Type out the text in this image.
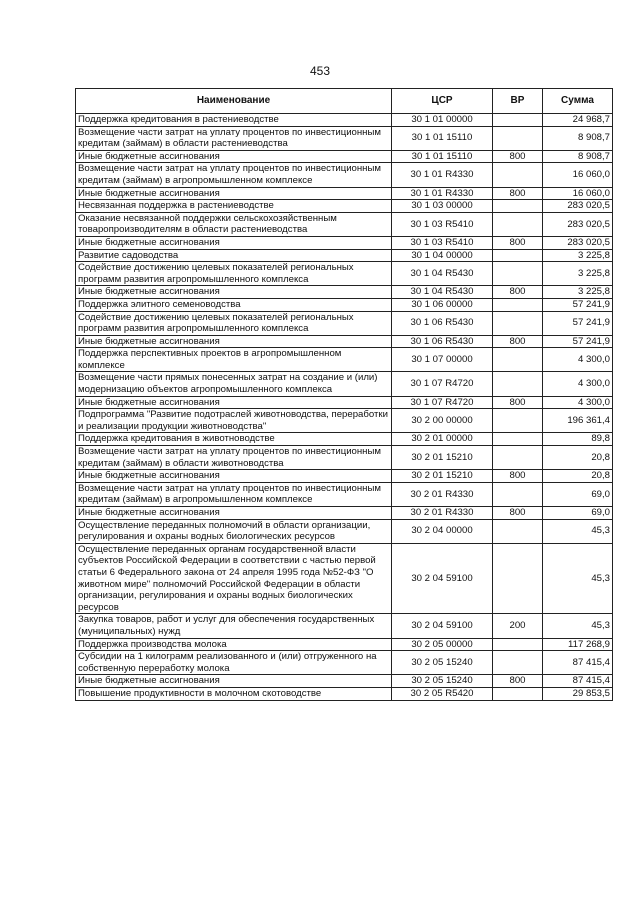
453
Наименование	ЦСР	ВР	Сумма
Поддержка кредитования в растениеводстве	30 1 01 00000		24 968,7
Возмещение части затрат на уплату процентов по инвестиционным кредитам (займам) в области растениеводства	30 1 01 15110		8 908,7
Иные бюджетные ассигнования	30 1 01 15110	800	8 908,7
Возмещение части затрат на уплату процентов по инвестиционным кредитам (займам) в агропромышленном комплексе	30 1 01 R4330		16 060,0
Иные бюджетные ассигнования	30 1 01 R4330	800	16 060,0
Несвязанная поддержка в растениеводстве	30 1 03 00000		283 020,5
Оказание несвязанной поддержки сельскохозяйственным товаропроизводителям в области растениеводства	30 1 03 R5410		283 020,5
Иные бюджетные ассигнования	30 1 03 R5410	800	283 020,5
Развитие садоводства	30 1 04 00000		3 225,8
Содействие достижению целевых показателей региональных программ развития агропромышленного комплекса	30 1 04 R5430		3 225,8
Иные бюджетные ассигнования	30 1 04 R5430	800	3 225,8
Поддержка элитного семеноводства	30 1 06 00000		57 241,9
Содействие достижению целевых показателей региональных программ развития агропромышленного комплекса	30 1 06 R5430		57 241,9
Иные бюджетные ассигнования	30 1 06 R5430	800	57 241,9
Поддержка перспективных проектов в агропромышленном комплексе	30 1 07 00000		4 300,0
Возмещение части прямых понесенных затрат на создание и (или) модернизацию объектов агропромышленного комплекса	30 1 07 R4720		4 300,0
Иные бюджетные ассигнования	30 1 07 R4720	800	4 300,0
Подпрограмма "Развитие подотраслей животноводства, переработки и реализации продукции животноводства"	30 2 00 00000		196 361,4
Поддержка кредитования в животноводстве	30 2 01 00000		89,8
Возмещение части затрат на уплату процентов по инвестиционным кредитам (займам) в области животноводства	30 2 01 15210		20,8
Иные бюджетные ассигнования	30 2 01 15210	800	20,8
Возмещение части затрат на уплату процентов по инвестиционным кредитам (займам) в агропромышленном комплексе	30 2 01 R4330		69,0
Иные бюджетные ассигнования	30 2 01 R4330	800	69,0
Осуществление переданных полномочий в области организации, регулирования и охраны водных биологических ресурсов	30 2 04 00000		45,3
Осуществление переданных органам государственной власти субъектов Российской Федерации в соответствии с частью первой статьи 6 Федерального закона от 24 апреля 1995 года №52-ФЗ "О животном мире" полномочий Российской Федерации в области организации, регулирования и охраны водных биологических ресурсов	30 2 04 59100		45,3
Закупка товаров, работ и услуг для обеспечения государственных (муниципальных) нужд	30 2 04 59100	200	45,3
Поддержка производства молока	30 2 05 00000		117 268,9
Субсидии на 1 килограмм реализованного и (или) отгруженного на собственную переработку молока	30 2 05 15240		87 415,4
Иные бюджетные ассигнования	30 2 05 15240	800	87 415,4
Повышение продуктивности в молочном скотоводстве	30 2 05 R5420		29 853,5
